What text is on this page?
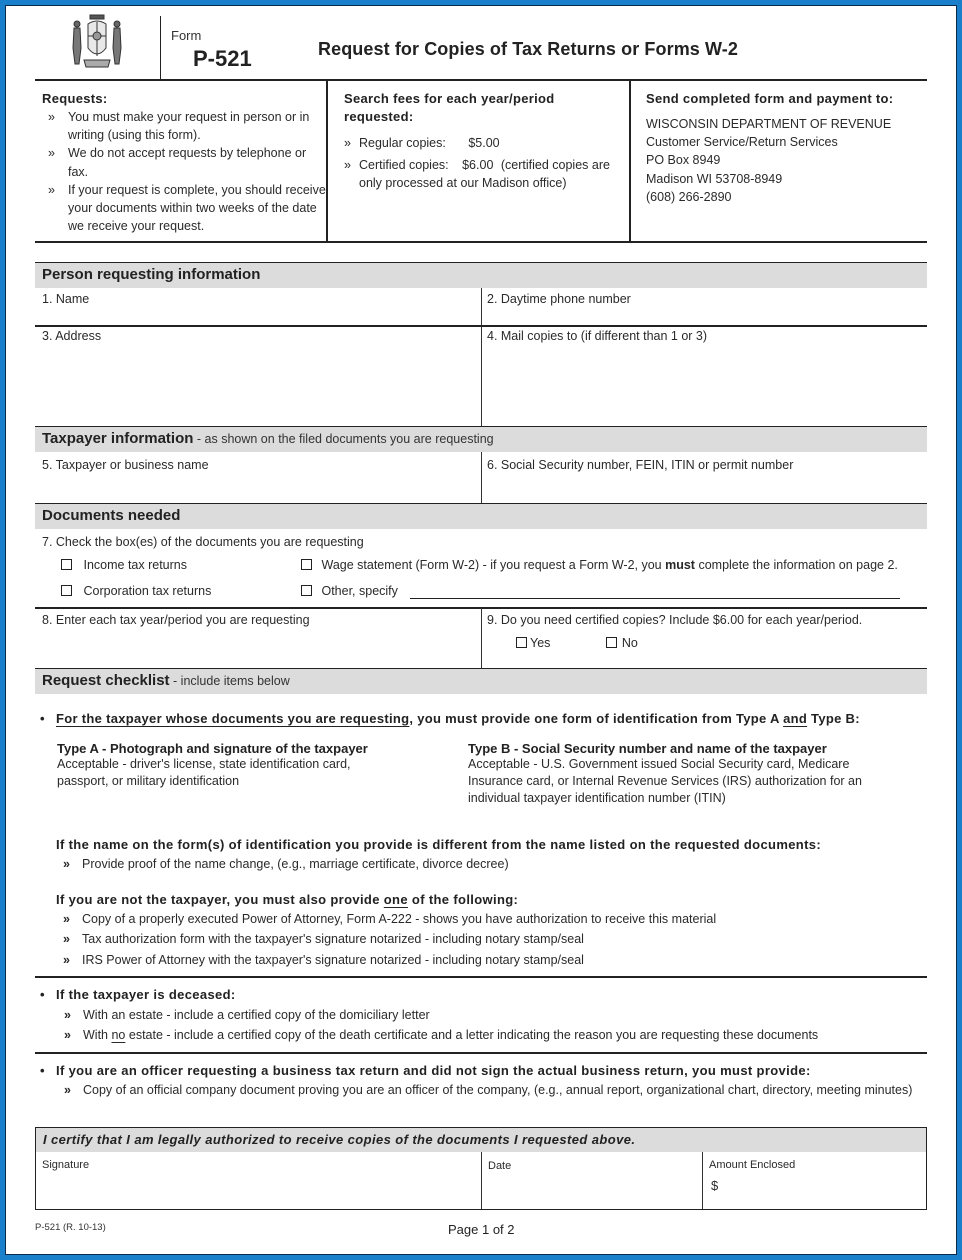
Form
P-521	Request for Copies of Tax Returns or Forms W-2
Requests:
» You must make your request in person or in writing (using this form).
» We do not accept requests by telephone or fax.
» If your request is complete, you should receive your documents within two weeks of the date we receive your request.
Search fees for each year/period requested:
» Regular copies: $5.00
» Certified copies: $6.00 (certified copies are only processed at our Madison office)
Send completed form and payment to:
WISCONSIN DEPARTMENT OF REVENUE
Customer Service/Return Services
PO Box 8949
Madison WI 53708-8949
(608) 266-2890
Person requesting information
1. Name	2. Daytime phone number
3. Address	4. Mail copies to (if different than 1 or 3)
Taxpayer information - as shown on the filed documents you are requesting
5. Taxpayer or business name	6. Social Security number, FEIN, ITIN or permit number
Documents needed
7. Check the box(es) of the documents you are requesting
Income tax returns	Wage statement (Form W-2) - if you request a Form W-2, you must complete the information on page 2.
Corporation tax returns	Other, specify
8. Enter each tax year/period you are requesting	9. Do you need certified copies? Include $6.00 for each year/period.
Yes	No
Request checklist - include items below
• For the taxpayer whose documents you are requesting, you must provide one form of identification from Type A and Type B:
Type A - Photograph and signature of the taxpayer
Acceptable - driver's license, state identification card, passport, or military identification
Type B - Social Security number and name of the taxpayer
Acceptable - U.S. Government issued Social Security card, Medicare Insurance card, or Internal Revenue Services (IRS) authorization for an individual taxpayer identification number (ITIN)
If the name on the form(s) of identification you provide is different from the name listed on the requested documents:
» Provide proof of the name change, (e.g., marriage certificate, divorce decree)
If you are not the taxpayer, you must also provide one of the following:
» Copy of a properly executed Power of Attorney, Form A-222 - shows you have authorization to receive this material
» Tax authorization form with the taxpayer's signature notarized - including notary stamp/seal
» IRS Power of Attorney with the taxpayer's signature notarized - including notary stamp/seal
• If the taxpayer is deceased:
» With an estate - include a certified copy of the domiciliary letter
» With no estate - include a certified copy of the death certificate and a letter indicating the reason you are requesting these documents
• If you are an officer requesting a business tax return and did not sign the actual business return, you must provide:
» Copy of an official company document proving you are an officer of the company, (e.g., annual report, organizational chart, directory, meeting minutes)
I certify that I am legally authorized to receive copies of the documents I requested above.
Signature	Date	Amount Enclosed
$
P-521 (R. 10-13)	Page 1 of 2
